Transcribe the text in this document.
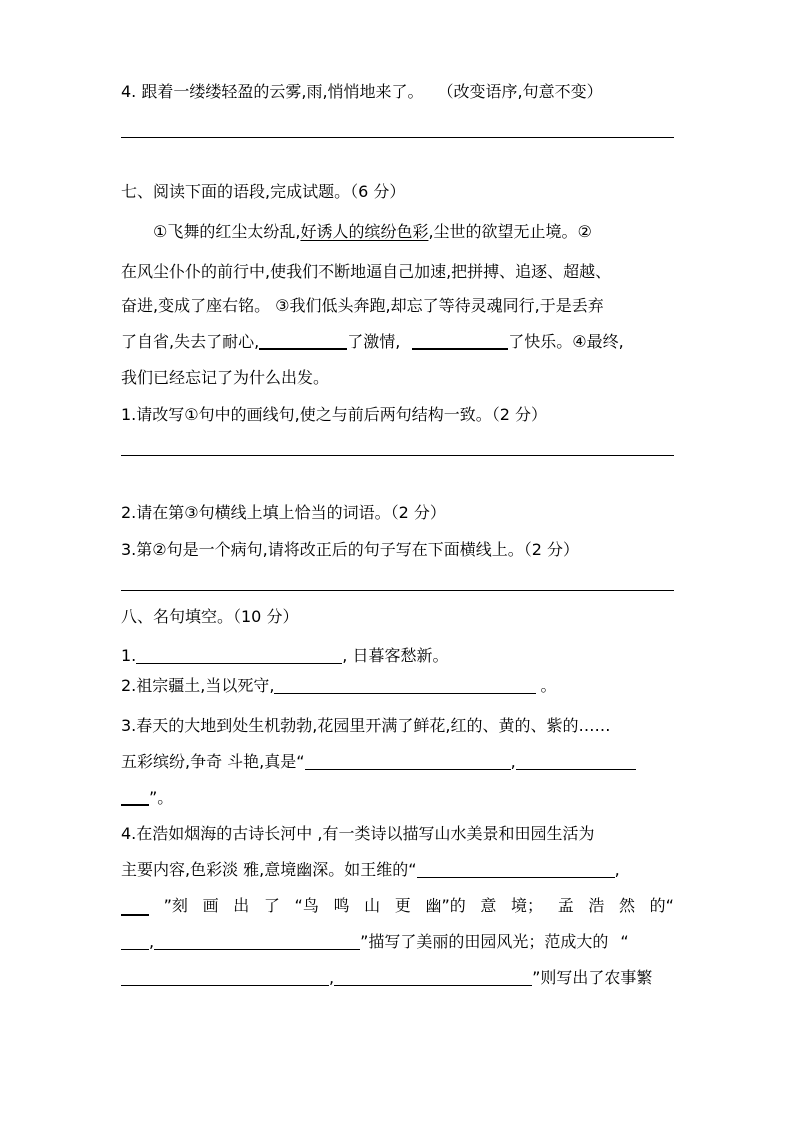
4. 跟着一缕缕轻盈的云雾,雨,悄悄地来了。 （改变语序,句意不变）
七、阅读下面的语段,完成试题。（6 分）
①飞舞的红尘太纷乱,好诱人的缤纷色彩,尘世的欲望无止境。②
在风尘仆仆的前行中,使我们不断地逼自己加速,把拼搏、追逐、超越、
奋进,变成了座右铭。 ③我们低头奔跑,却忘了等待灵魂同行,于是丢弃
了自省,失去了耐心,	了激情,	了快乐。④最终,
我们已经忘记了为什么出发。
1.请改写①句中的画线句,使之与前后两句结构一致。（2 分）
2.请在第③句横线上填上恰当的词语。（2 分）
3.第②句是一个病句,请将改正后的句子写在下面横线上。（2 分）
八、名句填空。（10 分）
1.	, 日暮客愁新。
2.祖宗疆土,当以死守,	。
3.春天的大地到处生机勃勃,花园里开满了鲜花,红的、黄的、紫的……
五彩缤纷,争奇 斗艳,真是“	,
”。
4.在浩如烟海的古诗长河中 ,有一类诗以描写山水美景和田园生活为
主要内容,色彩淡 雅,意境幽深。如王维的“	,
”刻 画 出 了 “鸟 鸣 山 更 幽”的 意 境； 孟 浩 然 的“
,	”描写了美丽的田园风光；范成大的 “
,	”则写出了农事繁
